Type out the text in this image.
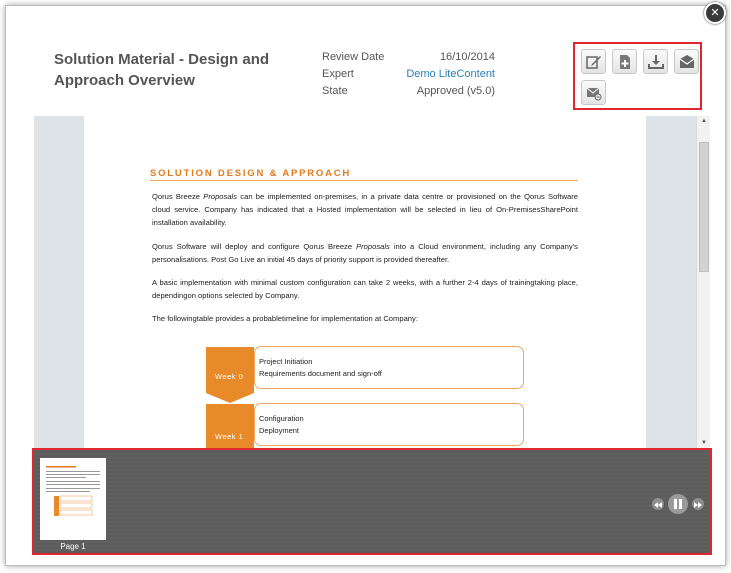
Solution Material - Design and Approach Overview
Review Date	16/10/2014
Expert	Demo LiteContent
State	Approved (v5.0)
SOLUTION DESIGN & APPROACH
Qorus Breeze Proposals can be implemented on-premises, in a private data centre or provisioned on the Qorus Software cloud service. Company has indicated that a Hosted implementation will be selected in lieu of On-PremisesSharePoint installation availability.
Qorus Software will deploy and configure Qorus Breeze Proposals into a Cloud environment, including any Company’s personalisations. Post Go Live an initial 45 days of priority support is provided thereafter.
A basic implementation with minimal custom configuration can take 2 weeks, with a further 2-4 days of trainingtaking place, dependingon options selected by Company.
The followingtable provides a probabletimeline for implementation at Company:
Week 0
Project Initiation
Requirements document and sign-off
Week 1
Configuration
Deployment
▲
▼
Page 1
✕
